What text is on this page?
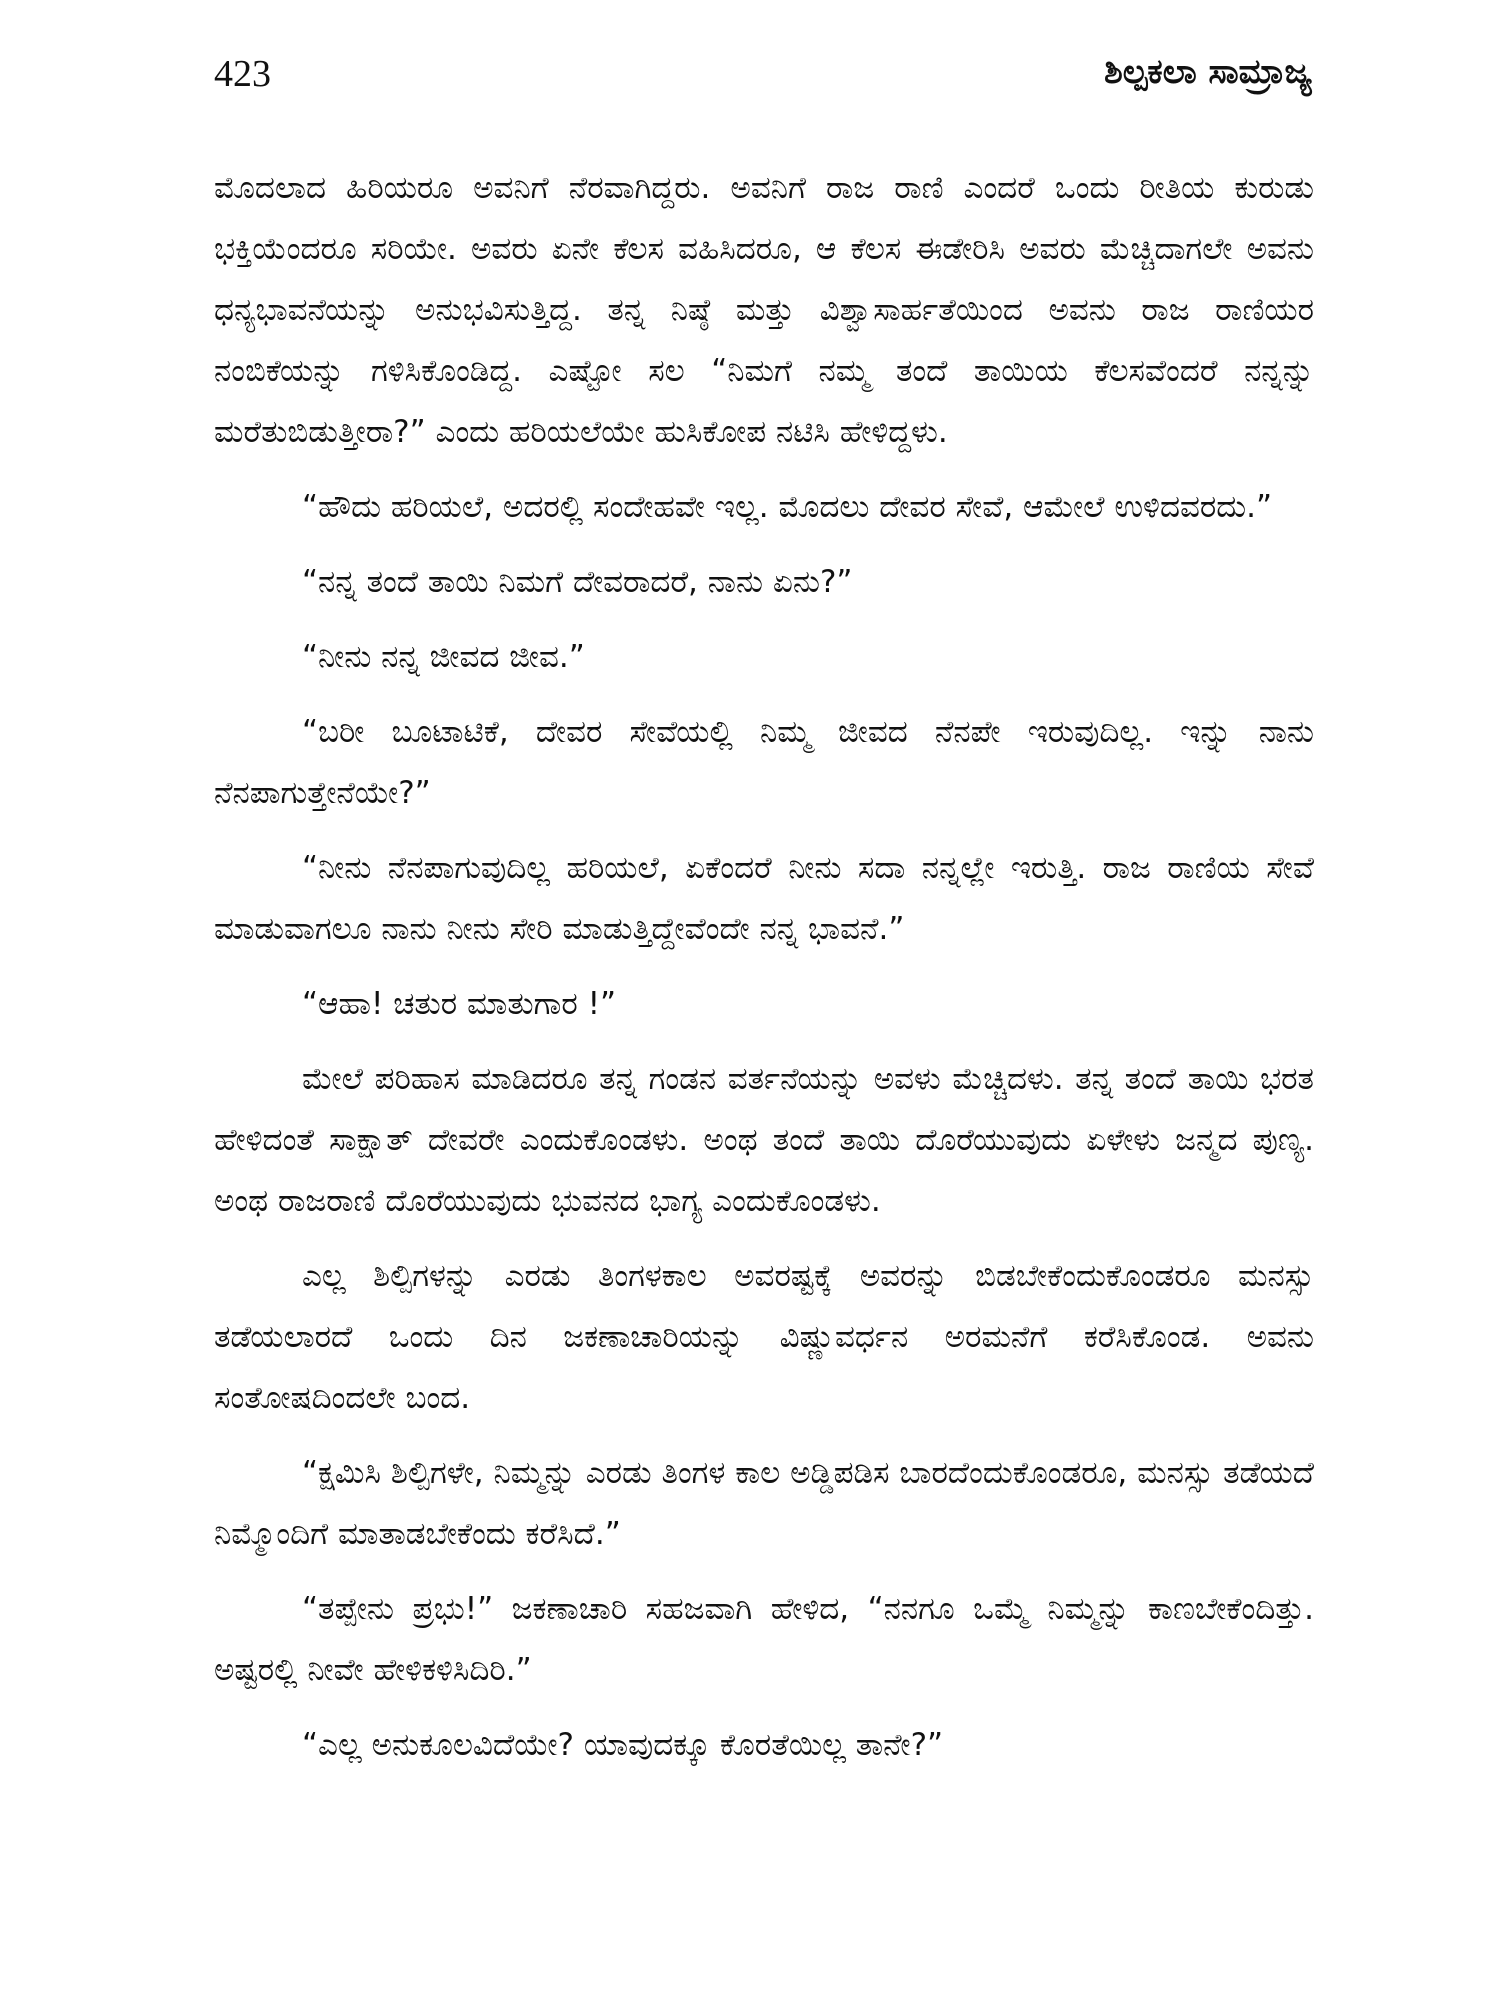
423	ಶಿಲ್ಪಕಲಾ ಸಾಮ್ರಾಜ್ಯ

ಮೊದಲಾದ ಹಿರಿಯರೂ ಅವನಿಗೆ ನೆರವಾಗಿದ್ದರು. ಅವನಿಗೆ ರಾಜ ರಾಣಿ ಎಂದರೆ ಒಂದು ರೀತಿಯ ಕುರುಡು ಭಕ್ತಿಯೆಂದರೂ ಸರಿಯೇ. ಅವರು ಏನೇ ಕೆಲಸ ವಹಿಸಿದರೂ, ಆ ಕೆಲಸ ಈಡೇರಿಸಿ ಅವರು ಮೆಚ್ಚಿದಾಗಲೇ ಅವನು ಧನ್ಯಭಾವನೆಯನ್ನು ಅನುಭವಿಸುತ್ತಿದ್ದ. ತನ್ನ ನಿಷ್ಠೆ ಮತ್ತು ವಿಶ್ವಾಸಾರ್ಹತೆಯಿಂದ ಅವನು ರಾಜ ರಾಣಿಯರ ನಂಬಿಕೆಯನ್ನು ಗಳಿಸಿಕೊಂಡಿದ್ದ. ಎಷ್ಟೋ ಸಲ “ನಿಮಗೆ ನಮ್ಮ ತಂದೆ ತಾಯಿಯ ಕೆಲಸವೆಂದರೆ ನನ್ನನ್ನು ಮರೆತುಬಿಡುತ್ತೀರಾ?” ಎಂದು ಹರಿಯಲೆಯೇ ಹುಸಿಕೋಪ ನಟಿಸಿ ಹೇಳಿದ್ದಳು.

“ಹೌದು ಹರಿಯಲೆ, ಅದರಲ್ಲಿ ಸಂದೇಹವೇ ಇಲ್ಲ. ಮೊದಲು ದೇವರ ಸೇವೆ, ಆಮೇಲೆ ಉಳಿದವರದು.”

“ನನ್ನ ತಂದೆ ತಾಯಿ ನಿಮಗೆ ದೇವರಾದರೆ, ನಾನು ಏನು?”

“ನೀನು ನನ್ನ ಜೀವದ ಜೀವ.”

“ಬರೀ ಬೂಟಾಟಿಕೆ, ದೇವರ ಸೇವೆಯಲ್ಲಿ ನಿಮ್ಮ ಜೀವದ ನೆನಪೇ ಇರುವುದಿಲ್ಲ. ಇನ್ನು ನಾನು ನೆನಪಾಗುತ್ತೇನೆಯೇ?”

“ನೀನು ನೆನಪಾಗುವುದಿಲ್ಲ ಹರಿಯಲೆ, ಏಕೆಂದರೆ ನೀನು ಸದಾ ನನ್ನಲ್ಲೇ ಇರುತ್ತಿ. ರಾಜ ರಾಣಿಯ ಸೇವೆ ಮಾಡುವಾಗಲೂ ನಾನು ನೀನು ಸೇರಿ ಮಾಡುತ್ತಿದ್ದೇವೆಂದೇ ನನ್ನ ಭಾವನೆ.”

“ಆಹಾ! ಚತುರ ಮಾತುಗಾರ !”

ಮೇಲೆ ಪರಿಹಾಸ ಮಾಡಿದರೂ ತನ್ನ ಗಂಡನ ವರ್ತನೆಯನ್ನು ಅವಳು ಮೆಚ್ಚಿದಳು. ತನ್ನ ತಂದೆ ತಾಯಿ ಭರತ ಹೇಳಿದಂತೆ ಸಾಕ್ಷಾತ್ ದೇವರೇ ಎಂದುಕೊಂಡಳು. ಅಂಥ ತಂದೆ ತಾಯಿ ದೊರೆಯುವುದು ಏಳೇಳು ಜನ್ಮದ ಪುಣ್ಯ. ಅಂಥ ರಾಜರಾಣಿ ದೊರೆಯುವುದು ಭುವನದ ಭಾಗ್ಯ ಎಂದುಕೊಂಡಳು.

ಎಲ್ಲ ಶಿಲ್ಪಿಗಳನ್ನು ಎರಡು ತಿಂಗಳಕಾಲ ಅವರಷ್ಟಕ್ಕೆ ಅವರನ್ನು ಬಿಡಬೇಕೆಂದುಕೊಂಡರೂ ಮನಸ್ಸು ತಡೆಯಲಾರದೆ ಒಂದು ದಿನ ಜಕಣಾಚಾರಿಯನ್ನು ವಿಷ್ಣುವರ್ಧನ ಅರಮನೆಗೆ ಕರೆಸಿಕೊಂಡ. ಅವನು ಸಂತೋಷದಿಂದಲೇ ಬಂದ.

“ಕ್ಷಮಿಸಿ ಶಿಲ್ಪಿಗಳೇ, ನಿಮ್ಮನ್ನು ಎರಡು ತಿಂಗಳ ಕಾಲ ಅಡ್ಡಿಪಡಿಸ ಬಾರದೆಂದುಕೊಂಡರೂ, ಮನಸ್ಸು ತಡೆಯದೆ ನಿಮ್ಮೊಂದಿಗೆ ಮಾತಾಡಬೇಕೆಂದು ಕರೆಸಿದೆ.”

“ತಪ್ಪೇನು ಪ್ರಭು!” ಜಕಣಾಚಾರಿ ಸಹಜವಾಗಿ ಹೇಳಿದ, “ನನಗೂ ಒಮ್ಮೆ ನಿಮ್ಮನ್ನು ಕಾಣಬೇಕೆಂದಿತ್ತು. ಅಷ್ಟರಲ್ಲಿ ನೀವೇ ಹೇಳಿಕಳಿಸಿದಿರಿ.”

“ಎಲ್ಲ ಅನುಕೂಲವಿದೆಯೇ? ಯಾವುದಕ್ಕೂ ಕೊರತೆಯಿಲ್ಲ ತಾನೇ?”
